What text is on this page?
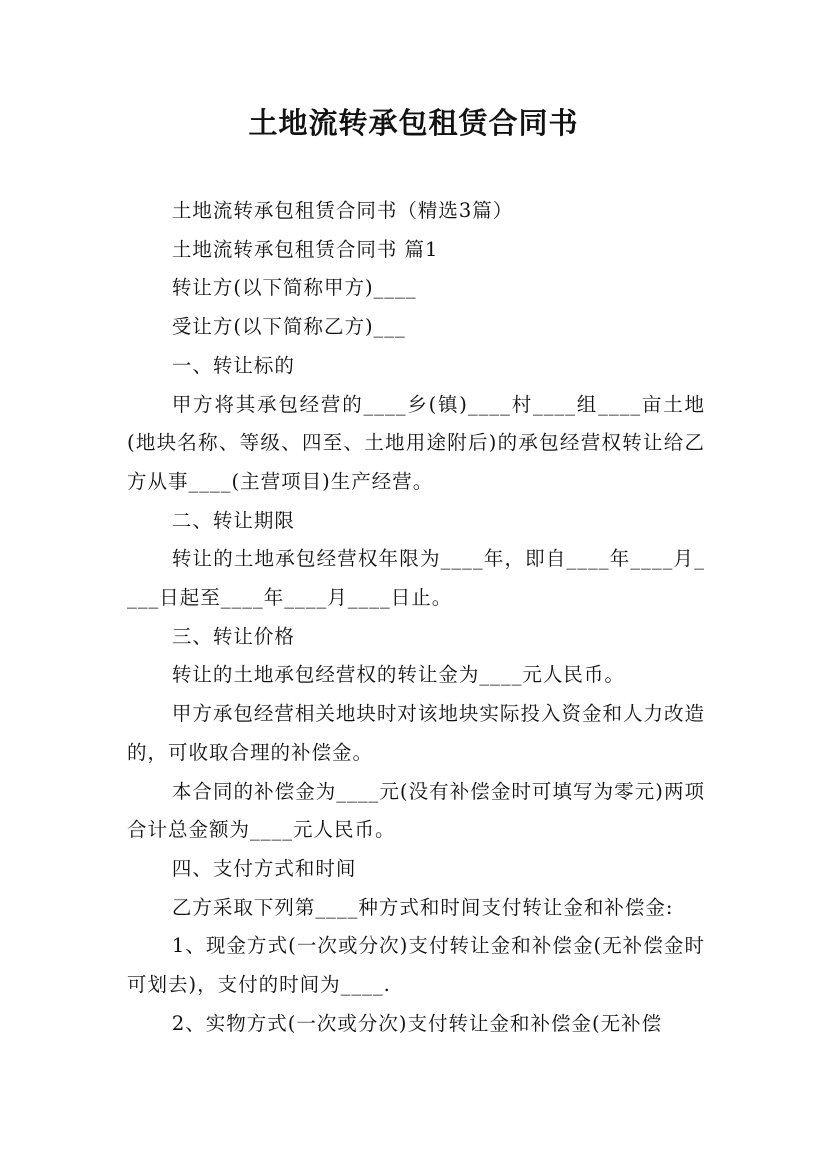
土地流转承包租赁合同书

土地流转承包租赁合同书（精选3篇）

土地流转承包租赁合同书 篇1

转让方(以下简称甲方)____

受让方(以下简称乙方)___

一、转让标的

甲方将其承包经营的____乡(镇)____村____组____亩土地(地块名称、等级、四至、土地用途附后)的承包经营权转让给乙方从事____(主营项目)生产经营。

二、转让期限

转让的土地承包经营权年限为____年，即自____年____月____日起至____年____月____日止。

三、转让价格

转让的土地承包经营权的转让金为____元人民币。

甲方承包经营相关地块时对该地块实际投入资金和人力改造的，可收取合理的补偿金。

本合同的补偿金为____元(没有补偿金时可填写为零元)两项合计总金额为____元人民币。

四、支付方式和时间

乙方采取下列第____种方式和时间支付转让金和补偿金:

1、现金方式(一次或分次)支付转让金和补偿金(无补偿金时可划去)，支付的时间为____.

2、实物方式(一次或分次)支付转让金和补偿金(无补偿
